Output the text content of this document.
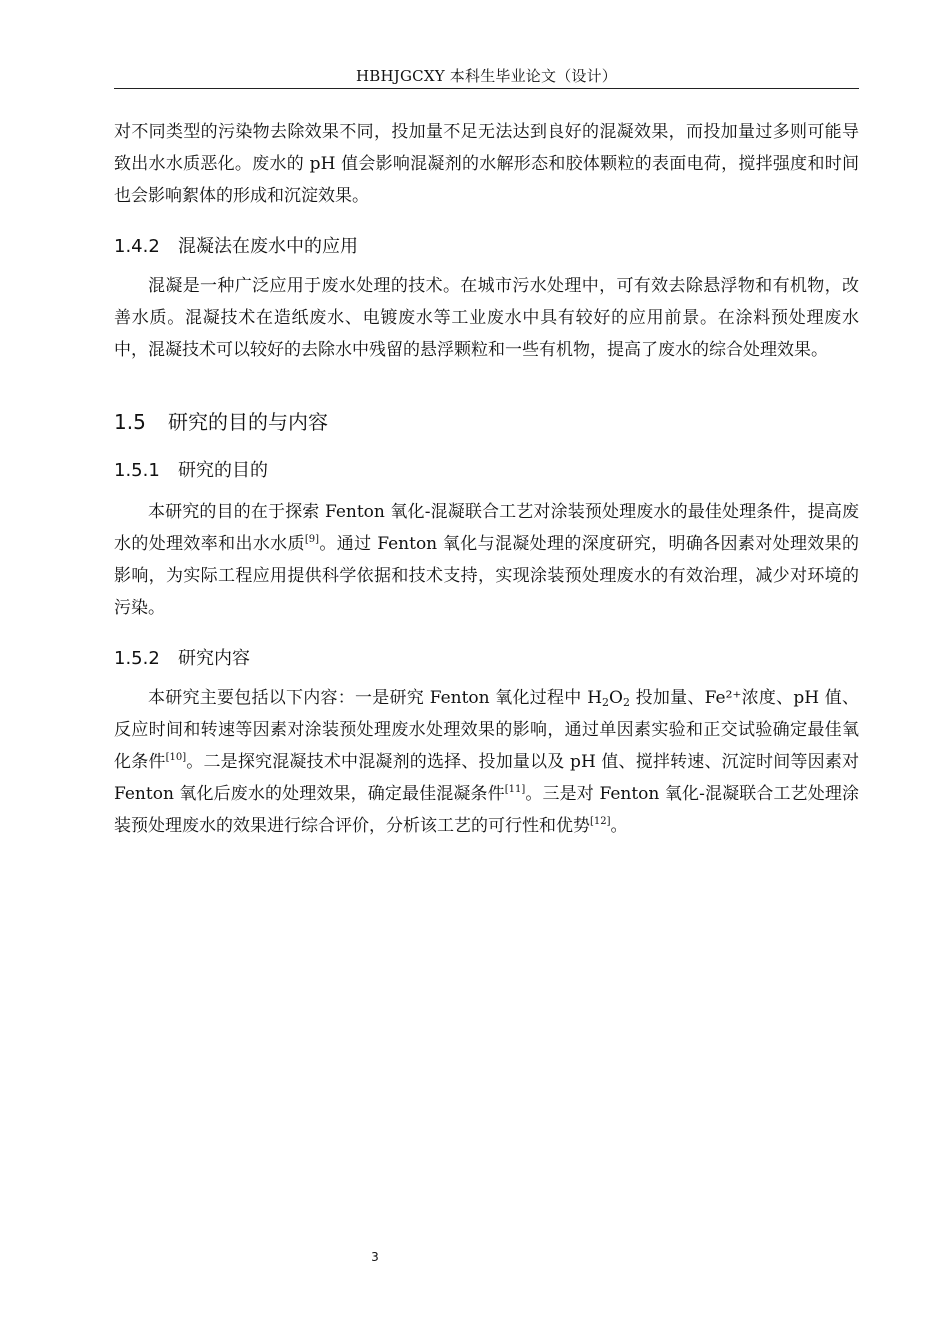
HBHJGCXY 本科生毕业论文（设计）

对不同类型的污染物去除效果不同，投加量不足无法达到良好的混凝效果，而投加量过多则可能导致出水水质恶化。废水的 pH 值会影响混凝剂的水解形态和胶体颗粒的表面电荷，搅拌强度和时间也会影响絮体的形成和沉淀效果。

1.4.2 混凝法在废水中的应用

混凝是一种广泛应用于废水处理的技术。在城市污水处理中，可有效去除悬浮物和有机物，改善水质。混凝技术在造纸废水、电镀废水等工业废水中具有较好的应用前景。在涂料预处理废水中，混凝技术可以较好的去除水中残留的悬浮颗粒和一些有机物，提高了废水的综合处理效果。

1.5 研究的目的与内容
1.5.1 研究的目的

本研究的目的在于探索 Fenton 氧化-混凝联合工艺对涂装预处理废水的最佳处理条件，提高废水的处理效率和出水水质[9]。通过 Fenton 氧化与混凝处理的深度研究，明确各因素对处理效果的影响，为实际工程应用提供科学依据和技术支持，实现涂装预处理废水的有效治理，减少对环境的污染。

1.5.2 研究内容

本研究主要包括以下内容：一是研究 Fenton 氧化过程中 $H_2O_2$ 投加量、Fe²⁺浓度、pH 值、反应时间和转速等因素对涂装预处理废水处理效果的影响，通过单因素实验和正交试验确定最佳氧化条件[10]。二是探究混凝技术中混凝剂的选择、投加量以及 pH 值、搅拌转速、沉淀时间等因素对 Fenton 氧化后废水的处理效果，确定最佳混凝条件[11]。三是对 Fenton 氧化-混凝联合工艺处理涂装预处理废水的效果进行综合评价，分析该工艺的可行性和优势[12]。

3
